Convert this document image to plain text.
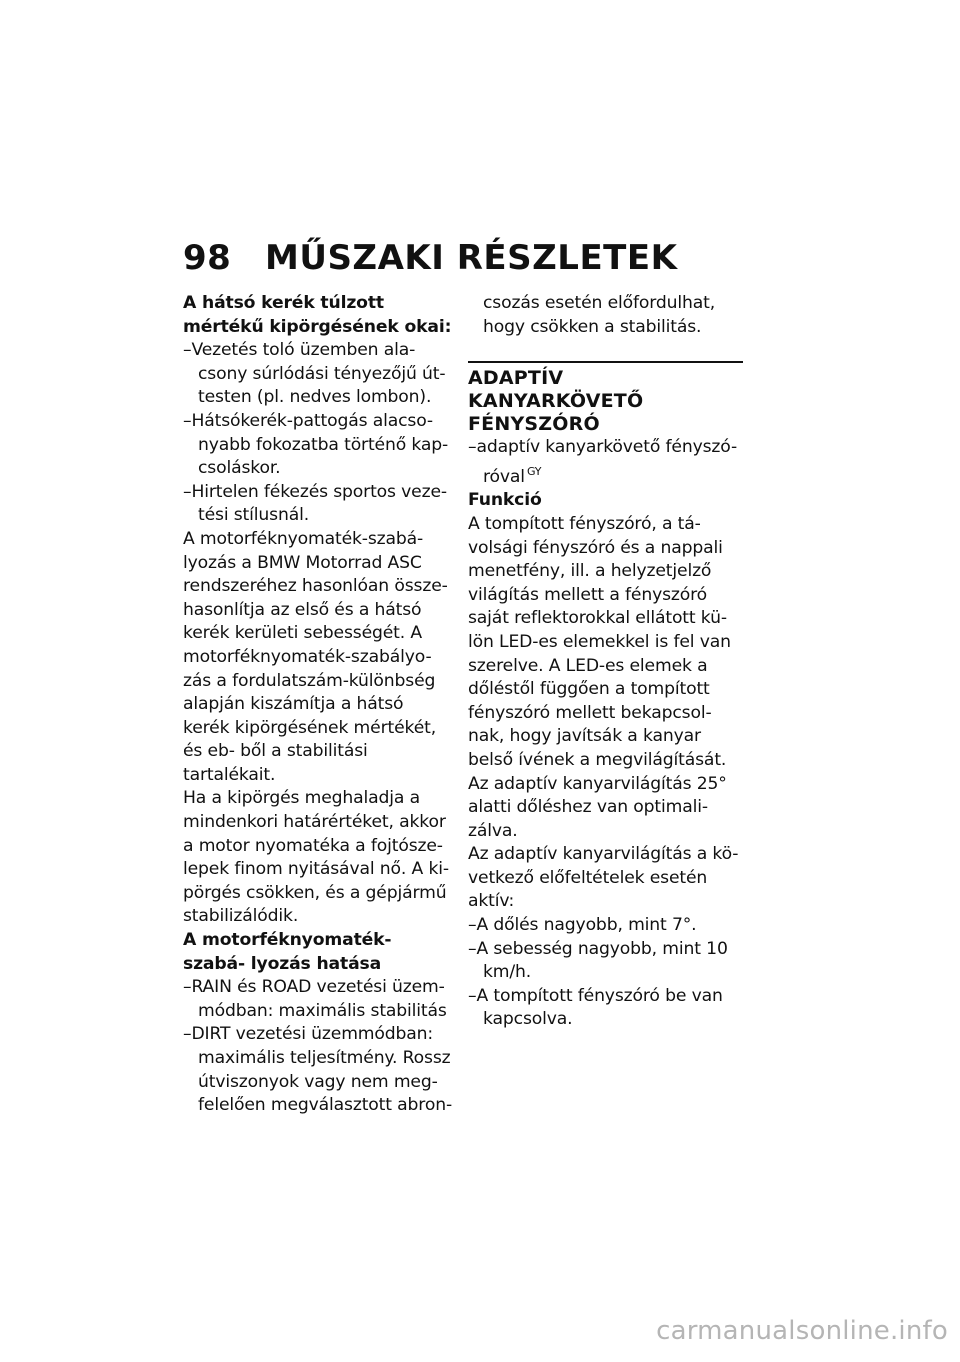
98 MŰSZAKI RÉSZLETEK

A hátsó kerék túlzott mértékű kipörgésének okai:

–Vezetés toló üzemben ala- csony súrlódási tényezőjű út- testen (pl. nedves lombon).

–Hátsókerék-pattogás alacso- nyabb fokozatba történő kap- csoláskor.

–Hirtelen fékezés sportos veze- tési stílusnál.

A motorféknyomaték-szabá- lyozás a BMW Motorrad ASC rendszeréhez hasonlóan össze- hasonlítja az első és a hátsó kerék kerületi sebességét. A motorféknyomaték-szabályo- zás a fordulatszám-különbség alapján kiszámítja a hátsó kerék kipörgésének mértékét, és eb- ből a stabilitási tartalékait.

Ha a kipörgés meghaladja a mindenkori határértéket, akkor a motor nyomatéka a fojtósze- lepek finom nyitásával nő. A ki- pörgés csökken, és a gépjármű stabilizálódik.

A motorféknyomaték-szabá- lyozás hatása

–RAIN és ROAD vezetési üzem- módban: maximális stabilitás

–DIRT vezetési üzemmódban: maximális teljesítmény. Rossz útviszonyok vagy nem meg- felelően megválasztott abron-

csozás esetén előfordulhat, hogy csökken a stabilitás.

ADAPTÍV KANYARKÖVETŐ FÉNYSZÓRÓ

–adaptív kanyarkövető fényszó- róval $^{GY}$

Funkció

A tompított fényszóró, a tá- volsági fényszóró és a nappali menetfény, ill. a helyzetjelző világítás mellett a fényszóró saját reflektorokkal ellátott kü- lön LED-es elemekkel is fel van szerelve. A LED-es elemek a dőléstől függően a tompított fényszóró mellett bekapcsol- nak, hogy javítsák a kanyar belső ívének a megvilágítását.

Az adaptív kanyarvilágítás 25° alatti dőléshez van optimali- zálva.

Az adaptív kanyarvilágítás a kö- vetkező előfeltételek esetén aktív:

–A dőlés nagyobb, mint 7°.

–A sebesség nagyobb, mint 10 km/h.

–A tompított fényszóró be van kapcsolva.

carmanualsonline.info
